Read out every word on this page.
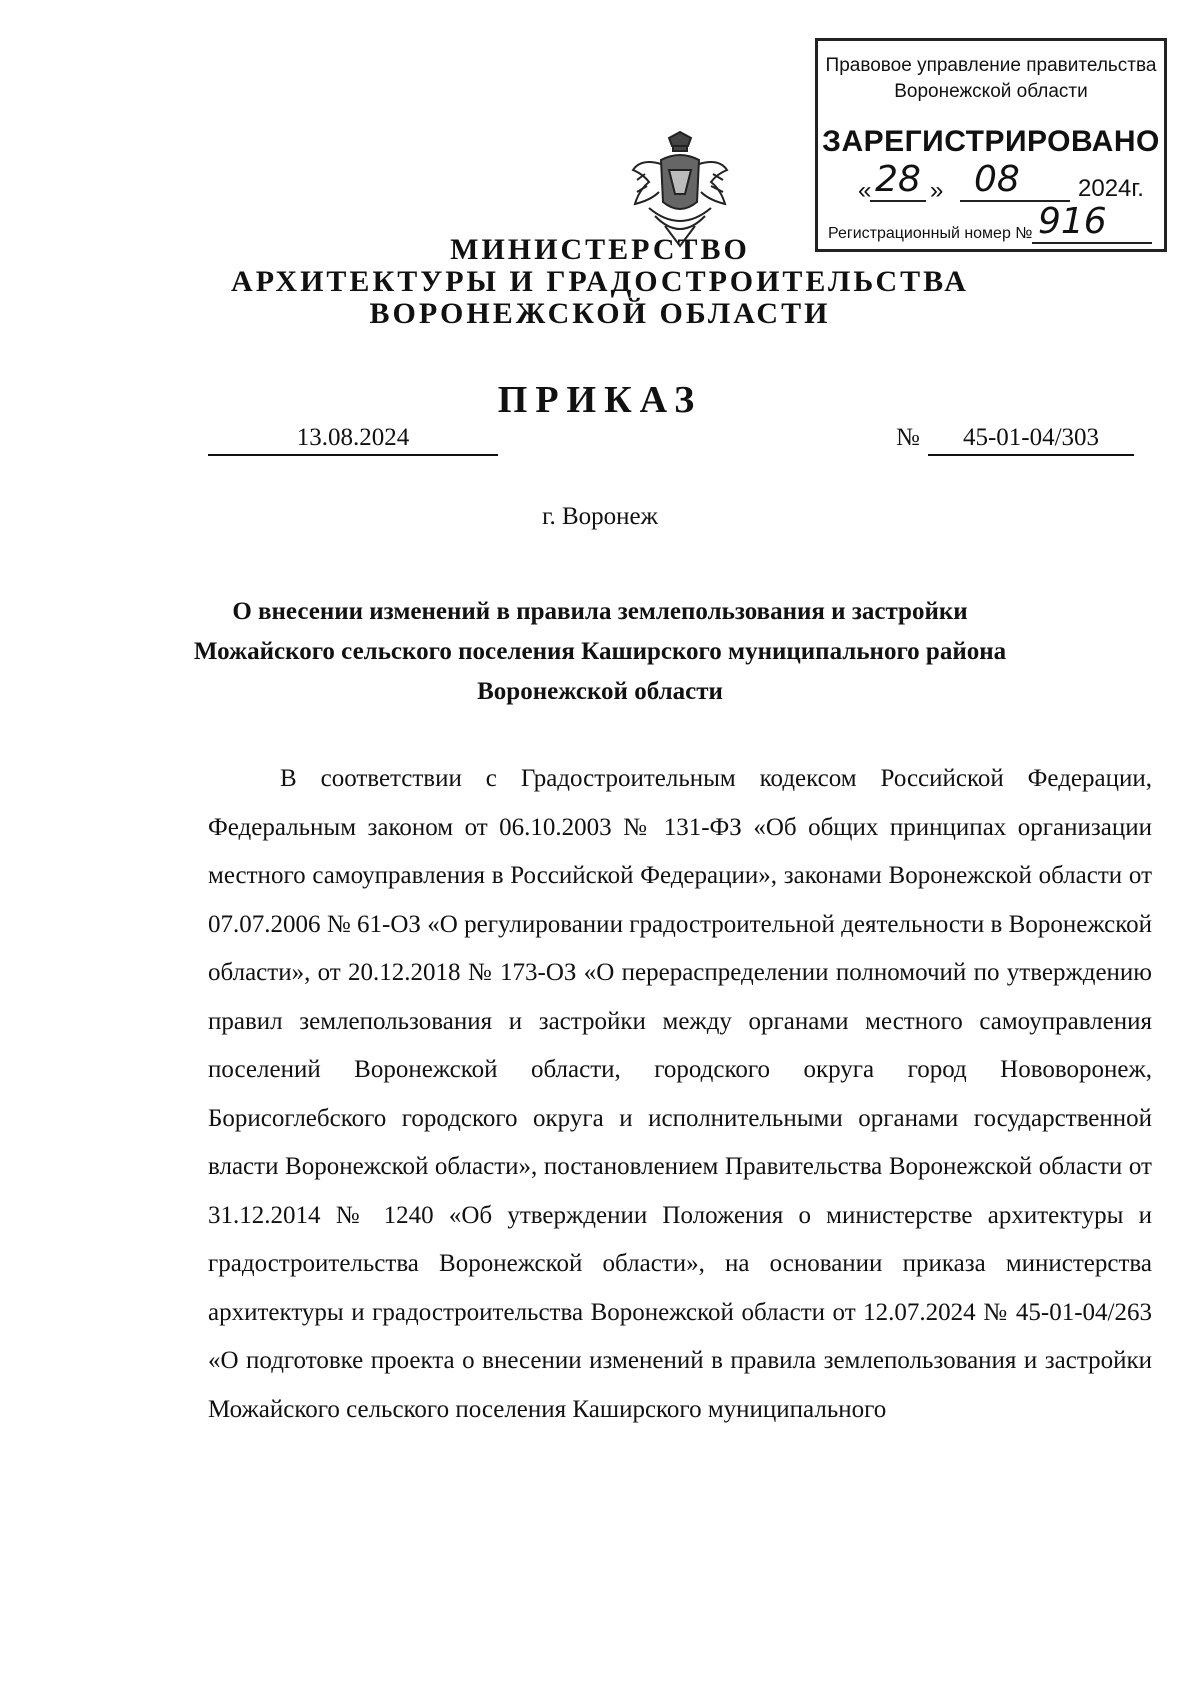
Правовое управление правительства
Воронежской области
ЗАРЕГИСТРИРОВАНО
« 28 » 08	2024г.
Регистрационный номер № 916
МИНИСТЕРСТВО
АРХИТЕКТУРЫ И ГРАДОСТРОИТЕЛЬСТВА
ВОРОНЕЖСКОЙ ОБЛАСТИ
ПРИКАЗ
13.08.2024	№	45-01-04/303
г. Воронеж
О внесении изменений в правила землепользования и застройки
Можайского сельского поселения Каширского муниципального района
Воронежской области

В соответствии с Градостроительным кодексом Российской Федерации, Федеральным законом от 06.10.2003 № 131-ФЗ «Об общих принципах организации местного самоуправления в Российской Федерации», законами Воронежской области от 07.07.2006 № 61-ОЗ «О регулировании градостроительной деятельности в Воронежской области», от 20.12.2018 № 173-ОЗ «О перераспределении полномочий по утверждению правил землепользования и застройки между органами местного самоуправления поселений Воронежской области, городского округа город Нововоронеж, Борисоглебского городского округа и исполнительными органами государственной власти Воронежской области», постановлением Правительства Воронежской области от 31.12.2014 № 1240 «Об утверждении Положения о министерстве архитектуры и градостроительства Воронежской области», на основании приказа министерства архитектуры и градостроительства Воронежской области от 12.07.2024 № 45-01-04/263 «О подготовке проекта о внесении изменений в правила землепользования и застройки Можайского сельского поселения Каширского муниципального
